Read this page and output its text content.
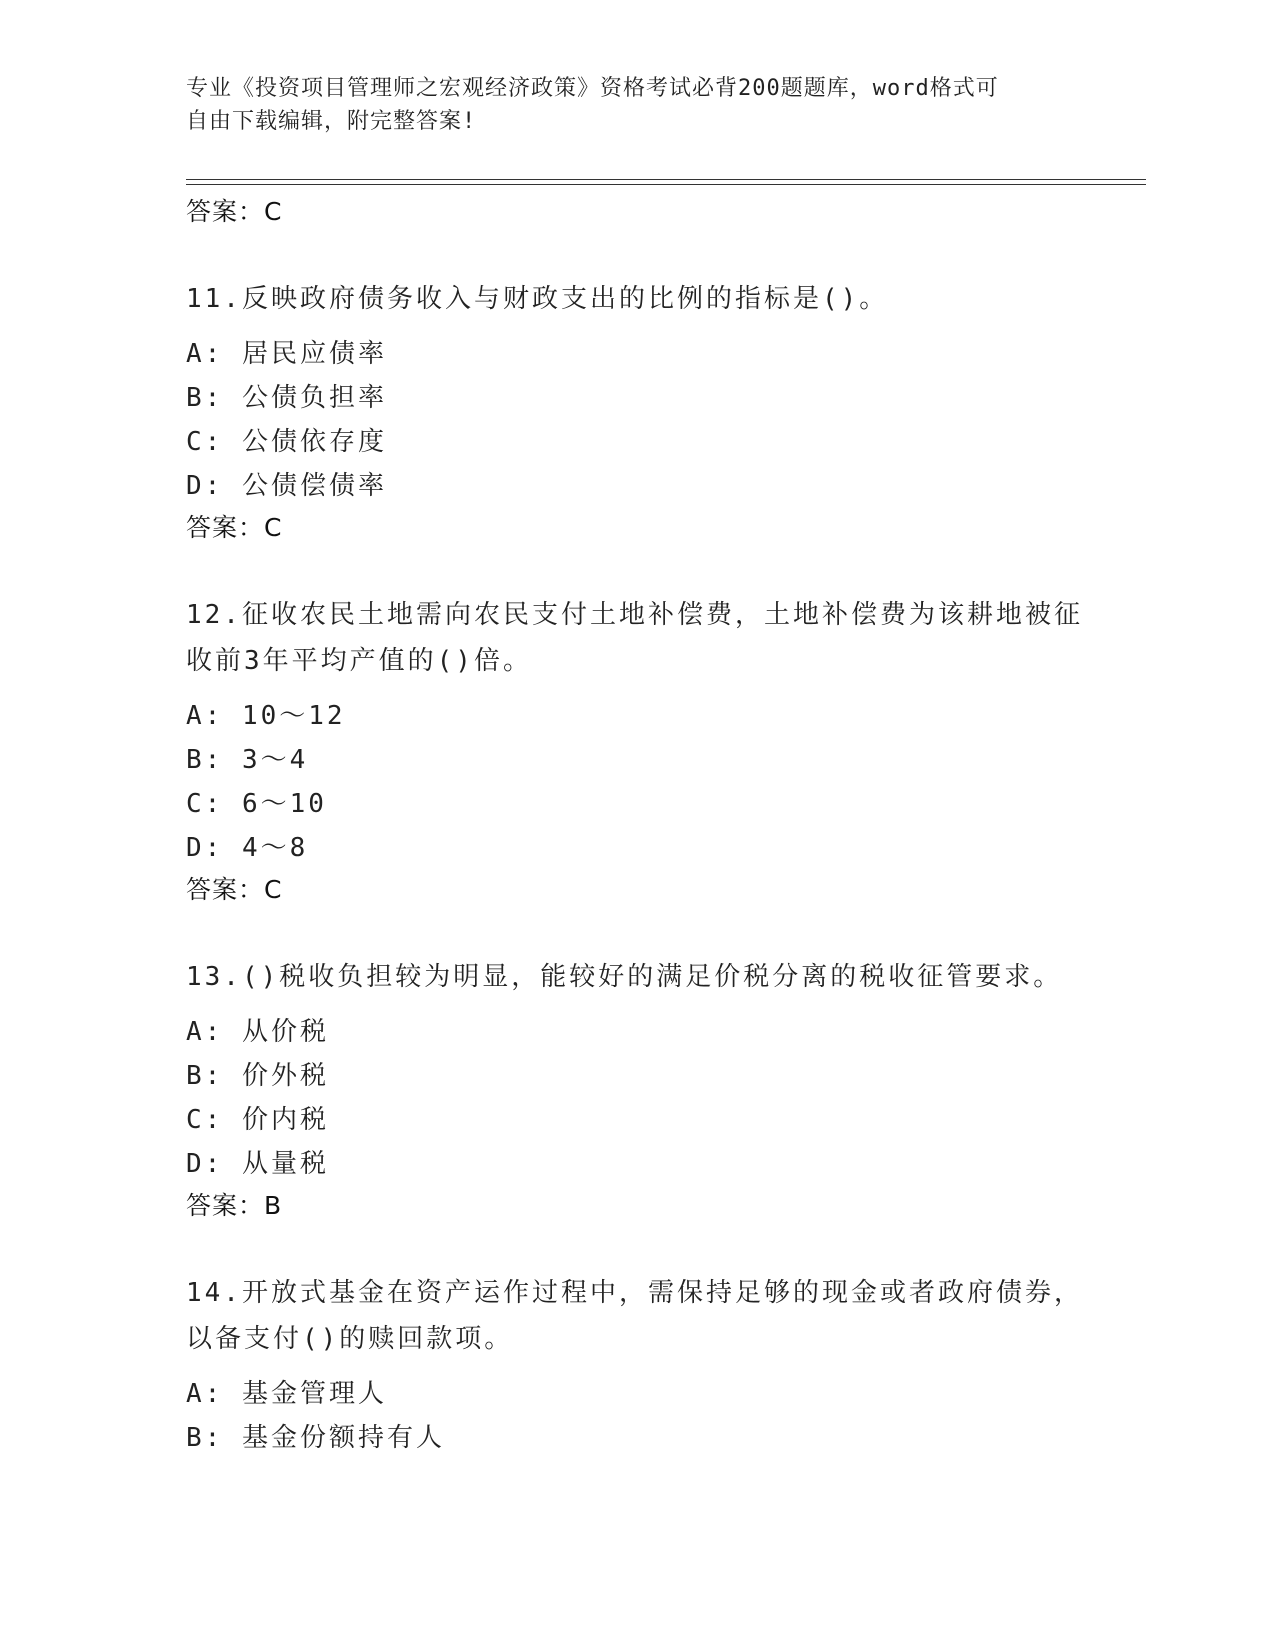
专业《投资项目管理师之宏观经济政策》资格考试必背200题题库，word格式可
自由下载编辑，附完整答案!
答案：C
11.反映政府债务收入与财政支出的比例的指标是()。
A: 居民应债率
B: 公债负担率
C: 公债依存度
D: 公债偿债率
答案：C
12.征收农民土地需向农民支付土地补偿费，土地补偿费为该耕地被征
收前3年平均产值的()倍。
A: 10～12
B: 3～4
C: 6～10
D: 4～8
答案：C
13.()税收负担较为明显，能较好的满足价税分离的税收征管要求。
A: 从价税
B: 价外税
C: 价内税
D: 从量税
答案：B
14.开放式基金在资产运作过程中，需保持足够的现金或者政府债券，
以备支付()的赎回款项。
A: 基金管理人
B: 基金份额持有人
